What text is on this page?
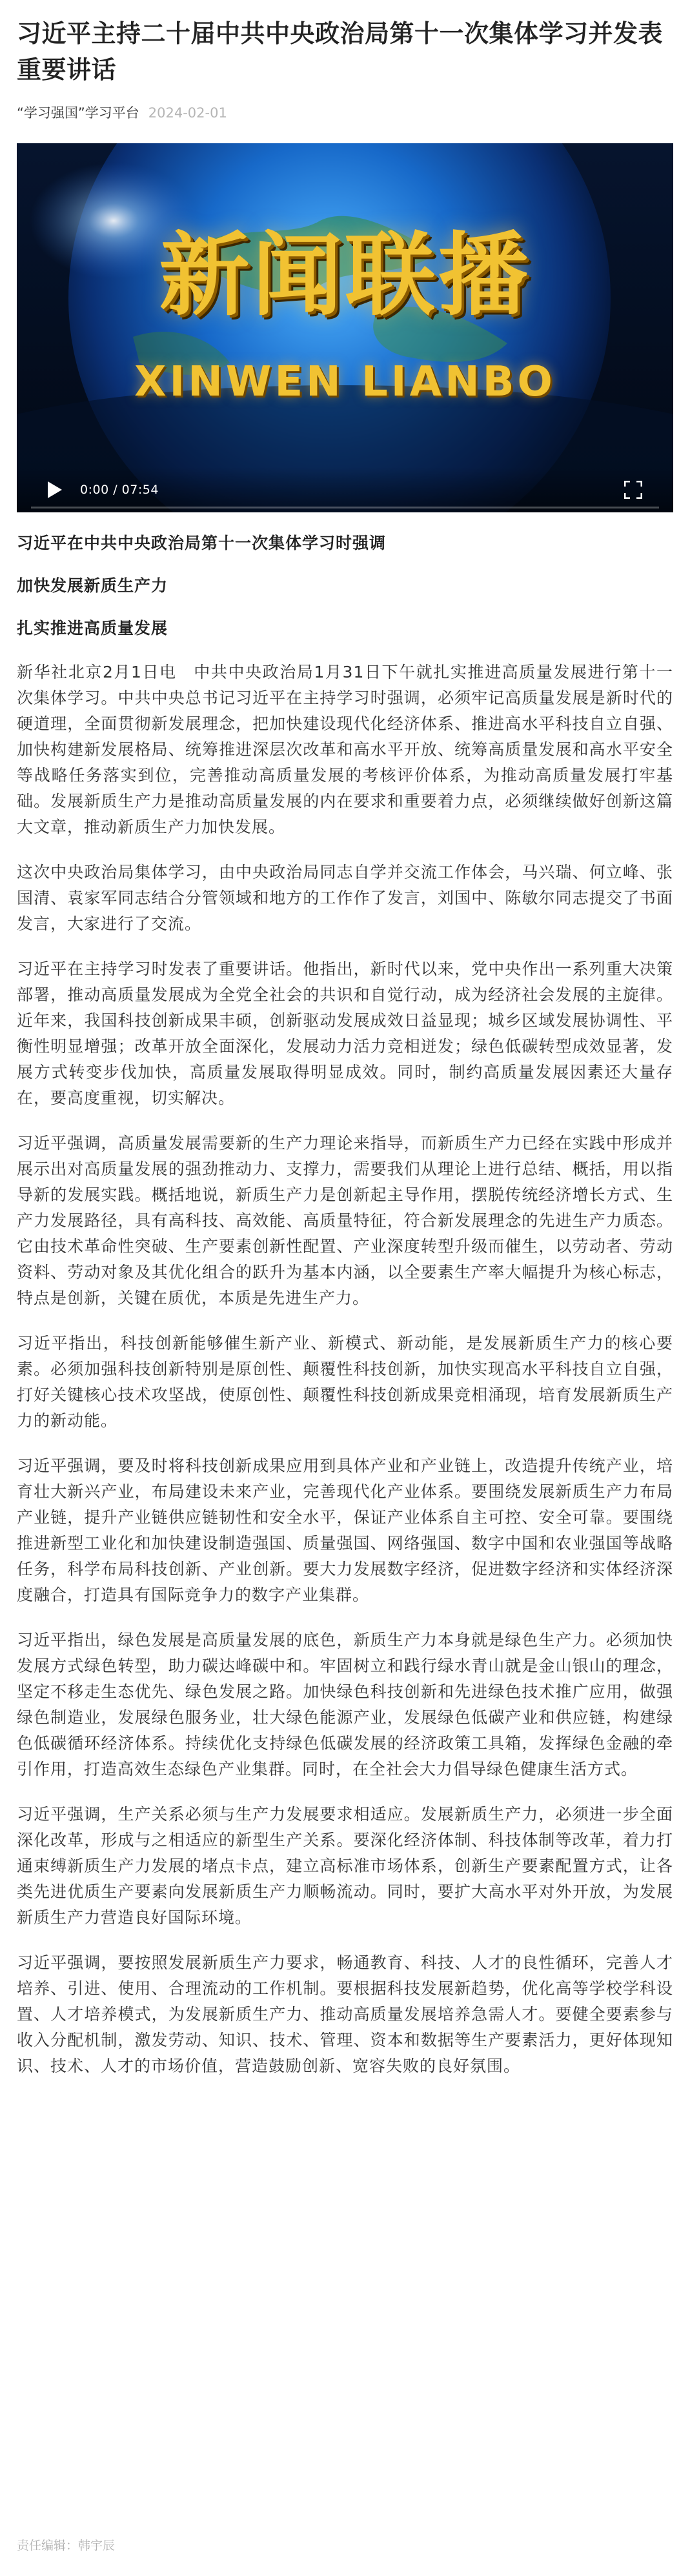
习近平主持二十届中共中央政治局第十一次集体学习并发表重要讲话
“学习强国”学习平台 2024-02-01
新闻联播
XINWEN LIANBO
0:00 / 07:54

习近平在中共中央政治局第十一次集体学习时强调

加快发展新质生产力

扎实推进高质量发展

新华社北京2月1日电　中共中央政治局1月31日下午就扎实推进高质量发展进行第十一次集体学习。中共中央总书记习近平在主持学习时强调，必须牢记高质量发展是新时代的硬道理，全面贯彻新发展理念，把加快建设现代化经济体系、推进高水平科技自立自强、加快构建新发展格局、统筹推进深层次改革和高水平开放、统筹高质量发展和高水平安全等战略任务落实到位，完善推动高质量发展的考核评价体系，为推动高质量发展打牢基础。发展新质生产力是推动高质量发展的内在要求和重要着力点，必须继续做好创新这篇大文章，推动新质生产力加快发展。

这次中央政治局集体学习，由中央政治局同志自学并交流工作体会，马兴瑞、何立峰、张国清、袁家军同志结合分管领域和地方的工作作了发言，刘国中、陈敏尔同志提交了书面发言，大家进行了交流。

习近平在主持学习时发表了重要讲话。他指出，新时代以来，党中央作出一系列重大决策部署，推动高质量发展成为全党全社会的共识和自觉行动，成为经济社会发展的主旋律。近年来，我国科技创新成果丰硕，创新驱动发展成效日益显现；城乡区域发展协调性、平衡性明显增强；改革开放全面深化，发展动力活力竞相迸发；绿色低碳转型成效显著，发展方式转变步伐加快，高质量发展取得明显成效。同时，制约高质量发展因素还大量存在，要高度重视，切实解决。

习近平强调，高质量发展需要新的生产力理论来指导，而新质生产力已经在实践中形成并展示出对高质量发展的强劲推动力、支撑力，需要我们从理论上进行总结、概括，用以指导新的发展实践。概括地说，新质生产力是创新起主导作用，摆脱传统经济增长方式、生产力发展路径，具有高科技、高效能、高质量特征，符合新发展理念的先进生产力质态。它由技术革命性突破、生产要素创新性配置、产业深度转型升级而催生，以劳动者、劳动资料、劳动对象及其优化组合的跃升为基本内涵，以全要素生产率大幅提升为核心标志，特点是创新，关键在质优，本质是先进生产力。

习近平指出，科技创新能够催生新产业、新模式、新动能，是发展新质生产力的核心要素。必须加强科技创新特别是原创性、颠覆性科技创新，加快实现高水平科技自立自强，打好关键核心技术攻坚战，使原创性、颠覆性科技创新成果竞相涌现，培育发展新质生产力的新动能。

习近平强调，要及时将科技创新成果应用到具体产业和产业链上，改造提升传统产业，培育壮大新兴产业，布局建设未来产业，完善现代化产业体系。要围绕发展新质生产力布局产业链，提升产业链供应链韧性和安全水平，保证产业体系自主可控、安全可靠。要围绕推进新型工业化和加快建设制造强国、质量强国、网络强国、数字中国和农业强国等战略任务，科学布局科技创新、产业创新。要大力发展数字经济，促进数字经济和实体经济深度融合，打造具有国际竞争力的数字产业集群。

习近平指出，绿色发展是高质量发展的底色，新质生产力本身就是绿色生产力。必须加快发展方式绿色转型，助力碳达峰碳中和。牢固树立和践行绿水青山就是金山银山的理念，坚定不移走生态优先、绿色发展之路。加快绿色科技创新和先进绿色技术推广应用，做强绿色制造业，发展绿色服务业，壮大绿色能源产业，发展绿色低碳产业和供应链，构建绿色低碳循环经济体系。持续优化支持绿色低碳发展的经济政策工具箱，发挥绿色金融的牵引作用，打造高效生态绿色产业集群。同时，在全社会大力倡导绿色健康生活方式。

习近平强调，生产关系必须与生产力发展要求相适应。发展新质生产力，必须进一步全面深化改革，形成与之相适应的新型生产关系。要深化经济体制、科技体制等改革，着力打通束缚新质生产力发展的堵点卡点，建立高标准市场体系，创新生产要素配置方式，让各类先进优质生产要素向发展新质生产力顺畅流动。同时，要扩大高水平对外开放，为发展新质生产力营造良好国际环境。

习近平强调，要按照发展新质生产力要求，畅通教育、科技、人才的良性循环，完善人才培养、引进、使用、合理流动的工作机制。要根据科技发展新趋势，优化高等学校学科设置、人才培养模式，为发展新质生产力、推动高质量发展培养急需人才。要健全要素参与收入分配机制，激发劳动、知识、技术、管理、资本和数据等生产要素活力，更好体现知识、技术、人才的市场价值，营造鼓励创新、宽容失败的良好氛围。

责任编辑：韩宇辰
